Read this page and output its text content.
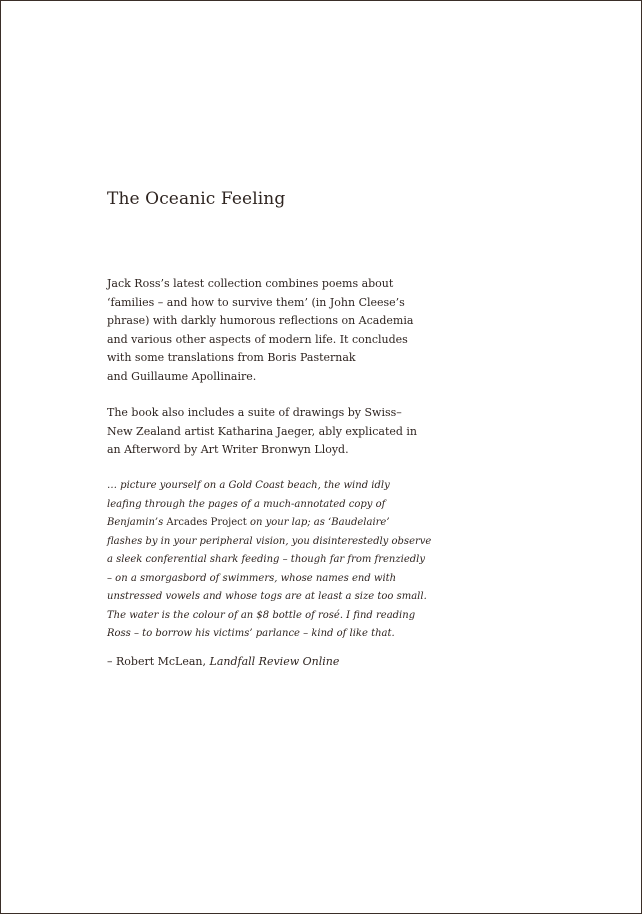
The Oceanic Feeling
Jack Ross’s latest collection combines poems about
‘families – and how to survive them’ (in John Cleese’s
phrase) with darkly humorous reflections on Academia
and various other aspects of modern life. It concludes
with some translations from Boris Pasternak
and Guillaume Apollinaire.
The book also includes a suite of drawings by Swiss–
New Zealand artist Katharina Jaeger, ably explicated in
an Afterword by Art Writer Bronwyn Lloyd.
… picture yourself on a Gold Coast beach, the wind idly
leafing through the pages of a much-annotated copy of
Benjamin’s Arcades Project on your lap; as ‘Baudelaire’
flashes by in your peripheral vision, you disinterestedly observe
a sleek conferential shark feeding – though far from frenziedly
– on a smorgasbord of swimmers, whose names end with
unstressed vowels and whose togs are at least a size too small.
The water is the colour of an $8 bottle of rosé. I find reading
Ross – to borrow his victims’ parlance – kind of like that.
– Robert McLean, Landfall Review Online
